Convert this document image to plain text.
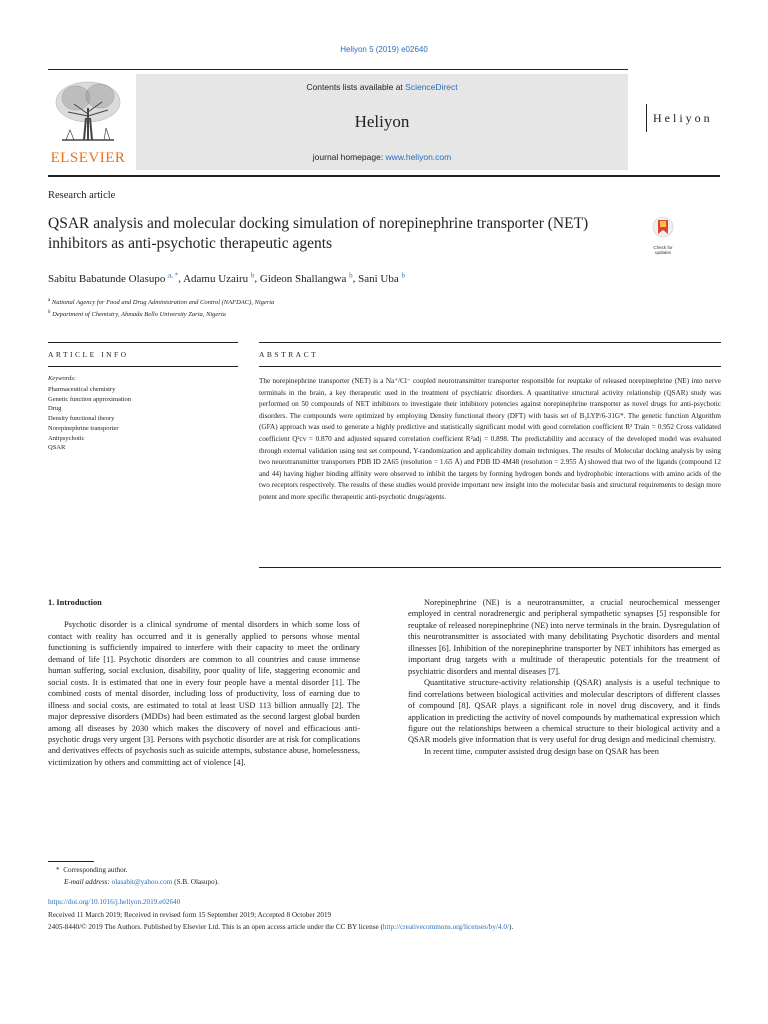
Heliyon 5 (2019) e02640
ELSEVIER
Contents lists available at ScienceDirect
Heliyon
journal homepage: www.heliyon.com
Heliyon
Research article
QSAR analysis and molecular docking simulation of norepinephrine transporter (NET) inhibitors as anti-psychotic therapeutic agents	Check for updates
Sabitu Babatunde Olasupo $^{a, *}$, Adamu Uzairu $^b$, Gideon Shallangwa $^b$, Sani Uba $^b$
$^a$ National Agency for Food and Drug Administration and Control (NAFDAC), Nigeria
$^b$ Department of Chemistry, Ahmadu Bello University Zaria, Nigeria
ARTICLE INFO	ABSTRACT
Keywords:
Pharmaceutical chemistry
Genetic function approximation
Drug
Density functional theory
Norepinephrine transporter
Antipsychotic
QSAR
The norepinephrine transporter (NET) is a Na⁺/Cl⁻ coupled neurotransmitter transporter responsible for reuptake of released norepinephrine (NE) into nerve terminals in the brain, a key therapeutic used in the treatment of psychiatric disorders. A quantitative structural activity relationship (QSAR) study was performed on 50 compounds of NET inhibitors to investigate their inhibitory potencies against norepinephrine transporter as novel drugs for anti-psychotic disorders. The compounds were optimized by employing Density functional theory (DFT) with basis set of B₃LYP/6-31G*. The genetic function Algorithm (GFA) approach was used to generate a highly predictive and statistically significant model with good correlation coefficient R² Train = 0.952 Cross validated coefficient Q²cv = 0.870 and adjusted squared correlation coefficient R²adj = 0.898. The predictability and accuracy of the developed model was evaluated through external validation using test set compound, Y-randomization and applicability domain techniques. The results of Molecular docking analysis by using two neurotransmitter transporters PDB ID 2A65 (resolution = 1.65 Å) and PDB ID 4M48 (resolution = 2.955 Å) showed that two of the ligands (compound 12 and 44) having higher binding affinity were observed to inhibit the targets by forming hydrogen bonds and hydrophobic interactions with amino acids of the two receptors respectively. The results of these studies would provide important new insight into the molecular basis and structural requirements to design more potent and more specific therapeutic anti-psychotic drugs/agents.
1. Introduction

Psychotic disorder is a clinical syndrome of mental disorders in which some loss of contact with reality has occurred and it is generally applied to persons whose mental functioning is sufficiently impaired to interfere with their capacity to meet the ordinary demand of life [1]. Psychotic disorders are common to all countries and cause immense human suffering, social exclusion, disability, poor quality of life, staggering economic and social costs. It is estimated that one in every four people have a mental disorder [1]. The combined costs of mental disorder, including loss of productivity, loss of earning due to illness and social costs, are estimated to total at least USD 113 billion annually [2]. The major depressive disorders (MDDs) had been estimated as the second largest global burden among all diseases by 2030 which makes the discovery of novel and efficacious anti-psychotic drugs very urgent [3]. Persons with psychotic disorder are at risk for complications and derivatives effects of psychosis such as suicide attempts, substance abuse, homelessness, victimization by others and committing act of violence [4].

Norepinephrine (NE) is a neurotransmitter, a crucial neurochemical messenger employed in central noradrenergic and peripheral sympathetic synapses [5] responsible for reuptake of released norepinephrine (NE) into nerve terminals in the brain. Dysregulation of this neurotransmitter is associated with many debilitating Psychotic disorders and mental illnesses [6]. Inhibition of the norepinephrine transporter by NET inhibitors has emerged as important drug targets with a multitude of therapeutic potentials for the treatment of psychiatric disorders and mental diseases [7].

Quantitative structure-activity relationship (QSAR) analysis is a useful technique to find correlations between biological activities and molecular descriptors of different classes of compound [8]. QSAR plays a significant role in novel drug discovery, and it finds application in predicting the activity of novel compounds by mathematical expression which figure out the relationships between a chemical structure to their biological activity and a QSAR models give information that is very useful for drug design and medicinal chemistry.

In recent time, computer assisted drug design base on QSAR has been

* Corresponding author.
E-mail address: olasabit@yahoo.com (S.B. Olasupo).
https://doi.org/10.1016/j.heliyon.2019.e02640
Received 11 March 2019; Received in revised form 15 September 2019; Accepted 8 October 2019
2405-8440/© 2019 The Authors. Published by Elsevier Ltd. This is an open access article under the CC BY license (http://creativecommons.org/licenses/by/4.0/).
